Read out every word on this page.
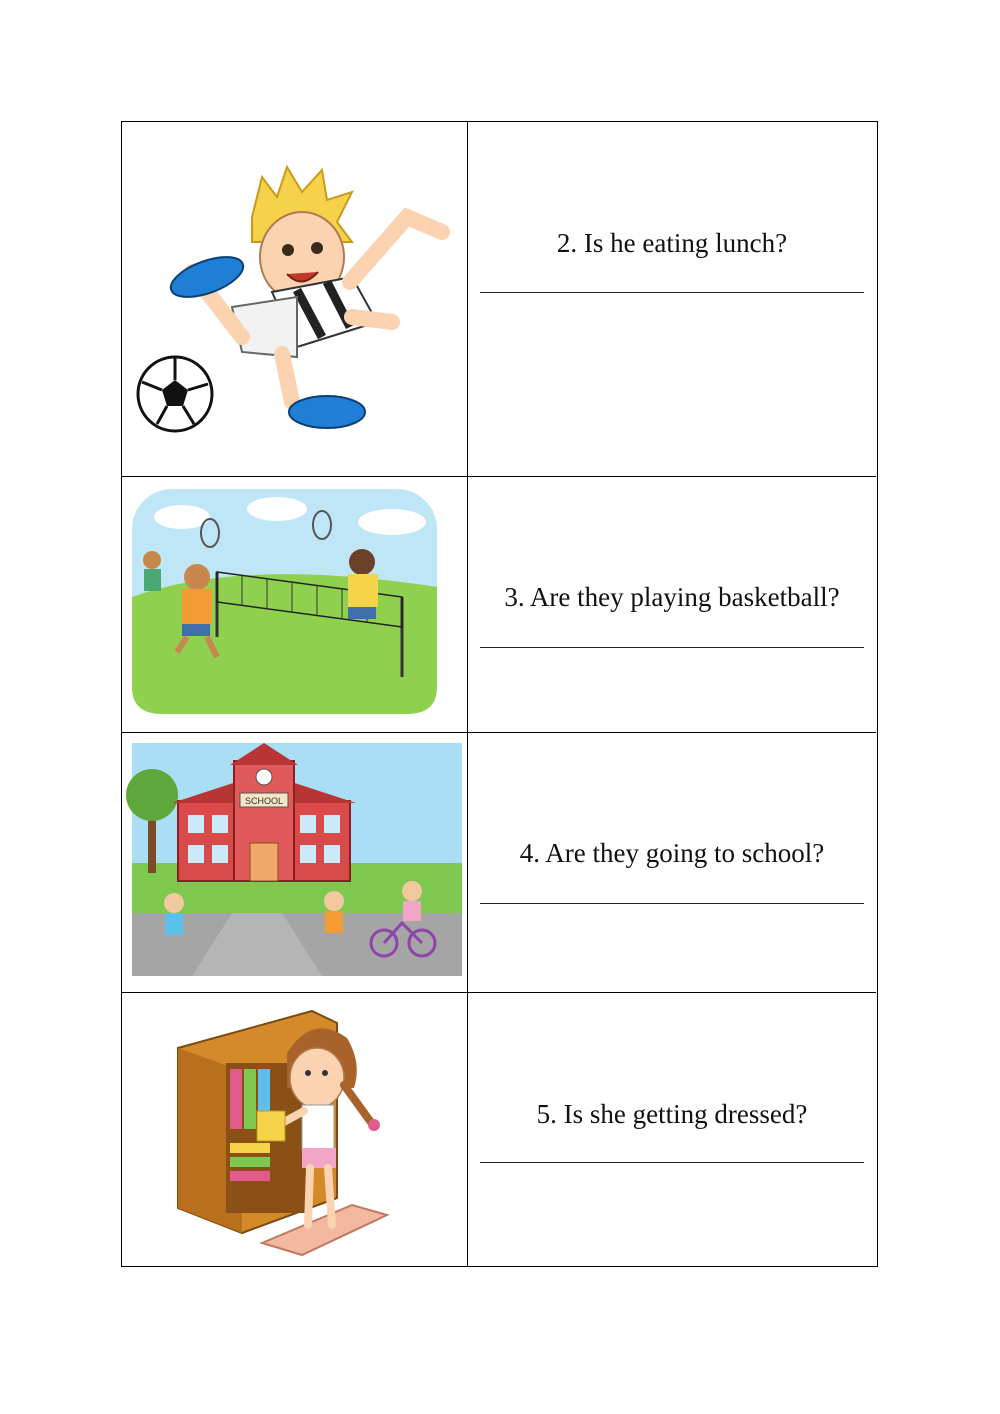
2. Is he eating lunch?
3. Are they playing basketball?
SCHOOL
4. Are they going to school?
5. Is she getting dressed?
